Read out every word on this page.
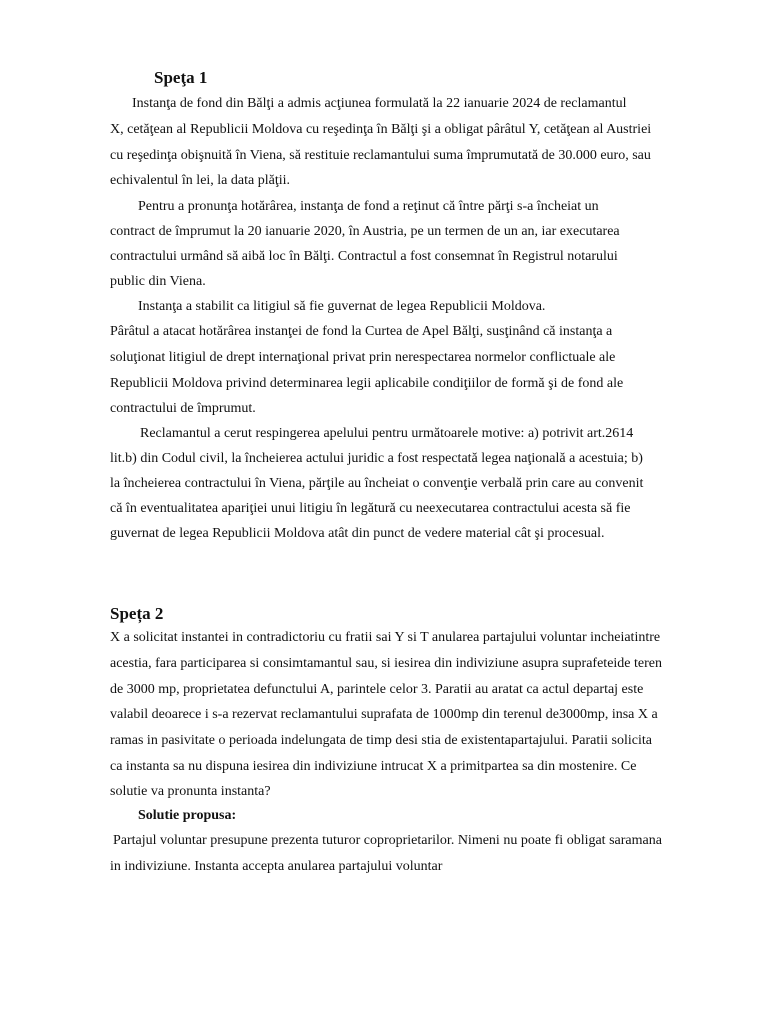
Speţa 1
Instanţa de fond din Bălţi a admis acţiunea formulată la 22 ianuarie 2024 de reclamantul
X, cetăţean al Republicii Moldova cu reşedinţa în Bălţi şi a obligat pârâtul Y, cetăţean al Austriei
cu reşedinţa obişnuită în Viena, să restituie reclamantului suma împrumutată de 30.000 euro, sau
echivalentul în lei, la data plăţii.
Pentru a pronunţa hotărârea, instanţa de fond a reţinut că între părţi s-a încheiat un
contract de împrumut la 20 ianuarie 2020, în Austria, pe un termen de un an, iar executarea
contractului urmând să aibă loc în Bălţi. Contractul a fost consemnat în Registrul notarului
public din Viena.
Instanţa a stabilit ca litigiul să fie guvernat de legea Republicii Moldova.
Pârâtul a atacat hotărârea instanţei de fond la Curtea de Apel Bălţi, susţinând că instanţa a
soluţionat litigiul de drept internaţional privat prin nerespectarea normelor conflictuale ale
Republicii Moldova privind determinarea legii aplicabile condiţiilor de formă şi de fond ale
contractului de împrumut.
Reclamantul a cerut respingerea apelului pentru următoarele motive: a) potrivit art.2614
lit.b) din Codul civil, la încheierea actului juridic a fost respectată legea naţională a acestuia; b)
la încheierea contractului în Viena, părţile au încheiat o convenţie verbală prin care au convenit
că în eventualitatea apariţiei unui litigiu în legătură cu neexecutarea contractului acesta să fie
guvernat de legea Republicii Moldova atât din punct de vedere material cât şi procesual.
Speța 2
X a solicitat instantei in contradictoriu cu fratii sai Y si T anularea partajului voluntar incheiatintre
acestia, fara participarea si consimtamantul sau, si iesirea din indiviziune asupra suprafeteide teren
de 3000 mp, proprietatea defunctului A, parintele celor 3. Paratii au aratat ca actul departaj este
valabil deoarece i s-a rezervat reclamantului suprafata de 1000mp din terenul de3000mp, insa X a
ramas in pasivitate o perioada indelungata de timp desi stia de existentapartajului. Paratii solicita
ca instanta sa nu dispuna iesirea din indiviziune intrucat X a primitpartea sa din mostenire. Ce
solutie va pronunta instanta?
Solutie propusa:
Partajul voluntar presupune prezenta tuturor coproprietarilor. Nimeni nu poate fi obligat saramana
in indiviziune. Instanta accepta anularea partajului voluntar
